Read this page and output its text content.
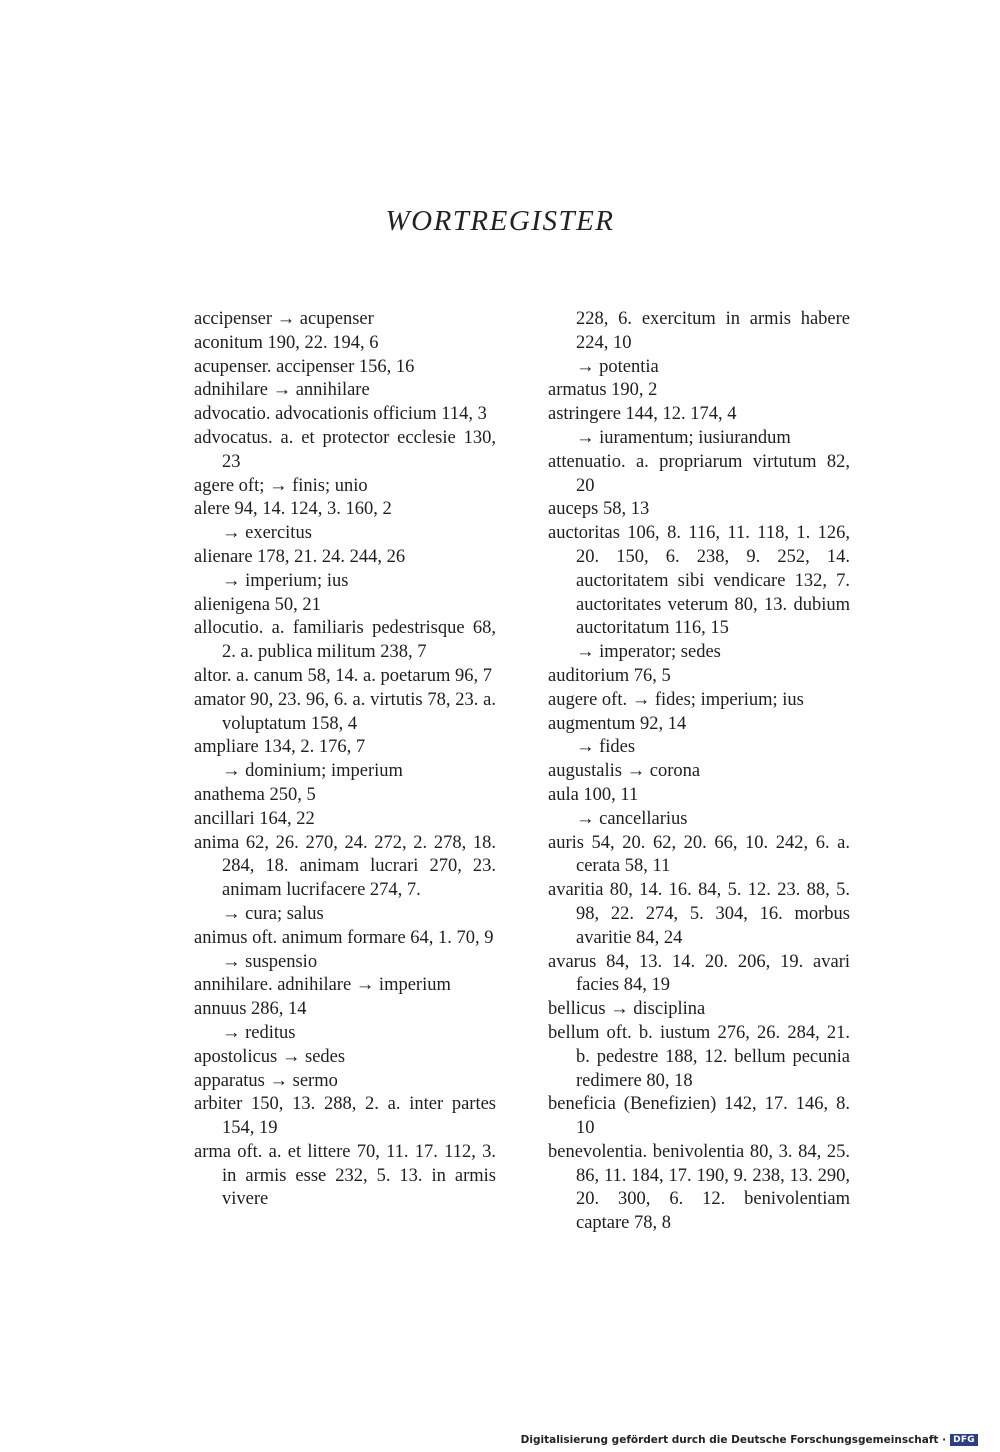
WORTREGISTER

accipenser → acupenser

aconitum 190, 22. 194, 6

acupenser. accipenser 156, 16

adnihilare → annihilare

advocatio. advocationis officium 114, 3

advocatus. a. et protector ecclesie 130, 23

agere oft; → finis; unio

alere 94, 14. 124, 3. 160, 2

→ exercitus

alienare 178, 21. 24. 244, 26

→ imperium; ius

alienigena 50, 21

allocutio. a. familiaris pedestrisque 68, 2. a. publica militum 238, 7

altor. a. canum 58, 14. a. poetarum 96, 7

amator 90, 23. 96, 6. a. virtutis 78, 23. a. voluptatum 158, 4

ampliare 134, 2. 176, 7

→ dominium; imperium

anathema 250, 5

ancillari 164, 22

anima 62, 26. 270, 24. 272, 2. 278, 18. 284, 18. animam lucrari 270, 23. animam lucrifacere 274, 7.

→ cura; salus

animus oft. animum formare 64, 1. 70, 9

→ suspensio

annihilare. adnihilare → imperium

annuus 286, 14

→ reditus

apostolicus → sedes

apparatus → sermo

arbiter 150, 13. 288, 2. a. inter partes 154, 19

arma oft. a. et littere 70, 11. 17. 112, 3. in armis esse 232, 5. 13. in armis vivere

228, 6. exercitum in armis habere 224, 10

→ potentia

armatus 190, 2

astringere 144, 12. 174, 4

→ iuramentum; iusiurandum

attenuatio. a. propriarum virtutum 82, 20

auceps 58, 13

auctoritas 106, 8. 116, 11. 118, 1. 126, 20. 150, 6. 238, 9. 252, 14. auctoritatem sibi vendicare 132, 7. auctoritates veterum 80, 13. dubium auctoritatum 116, 15

→ imperator; sedes

auditorium 76, 5

augere oft. → fides; imperium; ius

augmentum 92, 14

→ fides

augustalis → corona

aula 100, 11

→ cancellarius

auris 54, 20. 62, 20. 66, 10. 242, 6. a. cerata 58, 11

avaritia 80, 14. 16. 84, 5. 12. 23. 88, 5. 98, 22. 274, 5. 304, 16. morbus avaritie 84, 24

avarus 84, 13. 14. 20. 206, 19. avari facies 84, 19

bellicus → disciplina

bellum oft. b. iustum 276, 26. 284, 21. b. pedestre 188, 12. bellum pecunia redimere 80, 18

beneficia (Benefizien) 142, 17. 146, 8. 10

benevolentia. benivolentia 80, 3. 84, 25. 86, 11. 184, 17. 190, 9. 238, 13. 290, 20. 300, 6. 12. benivolentiam captare 78, 8

Digitalisierung gefördert durch die Deutsche Forschungsgemeinschaft · DFG
